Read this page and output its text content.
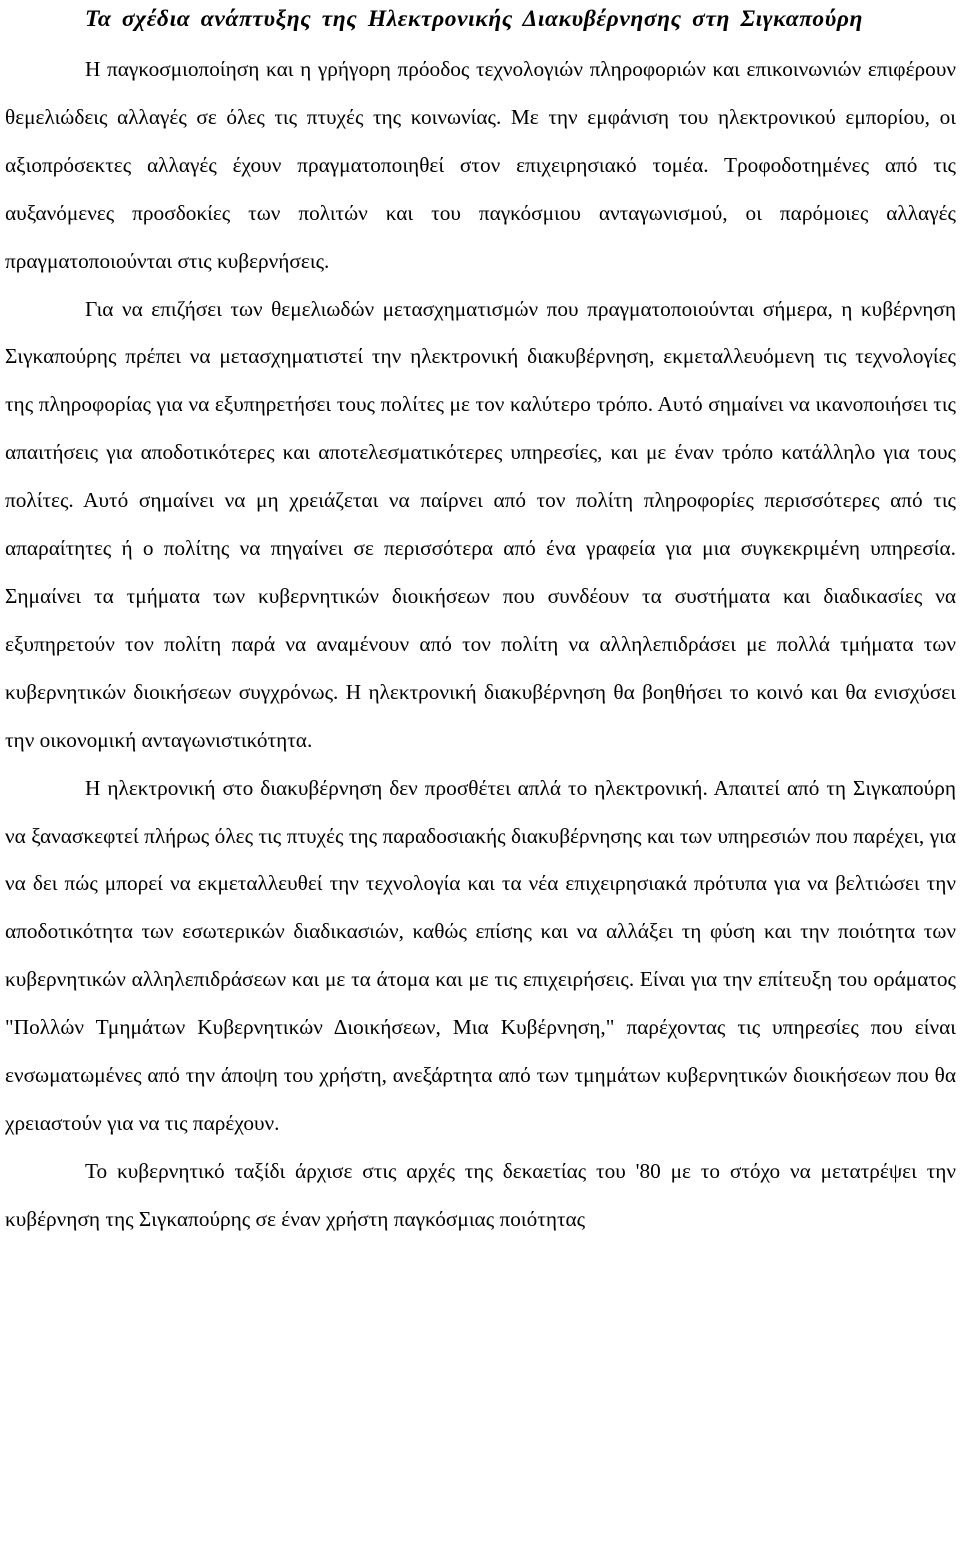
Τα σχέδια ανάπτυξης της Ηλεκτρονικής Διακυβέρνησης στη Σιγκαπούρη

Η παγκοσμιοποίηση και η γρήγορη πρόοδος τεχνολογιών πληροφοριών και επικοινωνιών επιφέρουν θεμελιώδεις αλλαγές σε όλες τις πτυχές της κοινωνίας. Με την εμφάνιση του ηλεκτρονικού εμπορίου, οι αξιοπρόσεκτες αλλαγές έχουν πραγματοποιηθεί στον επιχειρησιακό τομέα. Τροφοδοτημένες από τις αυξανόμενες προσδοκίες των πολιτών και του παγκόσμιου ανταγωνισμού, οι παρόμοιες αλλαγές πραγματοποιούνται στις κυβερνήσεις.

Για να επιζήσει των θεμελιωδών μετασχηματισμών που πραγματοποιούνται σήμερα, η κυβέρνηση Σιγκαπούρης πρέπει να μετασχηματιστεί την ηλεκτρονική διακυβέρνηση, εκμεταλλευόμενη τις τεχνολογίες της πληροφορίας για να εξυπηρετήσει τους πολίτες με τον καλύτερο τρόπο. Αυτό σημαίνει να ικανοποιήσει τις απαιτήσεις για αποδοτικότερες και αποτελεσματικότερες υπηρεσίες, και με έναν τρόπο κατάλληλο για τους πολίτες. Αυτό σημαίνει να μη χρειάζεται να παίρνει από τον πολίτη πληροφορίες περισσότερες από τις απαραίτητες ή ο πολίτης να πηγαίνει σε περισσότερα από ένα γραφεία για μια συγκεκριμένη υπηρεσία. Σημαίνει τα τμήματα των κυβερνητικών διοικήσεων που συνδέουν τα συστήματα και διαδικασίες να εξυπηρετούν τον πολίτη παρά να αναμένουν από τον πολίτη να αλληλεπιδράσει με πολλά τμήματα των κυβερνητικών διοικήσεων συγχρόνως. Η ηλεκτρονική διακυβέρνηση θα βοηθήσει το κοινό και θα ενισχύσει την οικονομική ανταγωνιστικότητα.

Η ηλεκτρονική στο διακυβέρνηση δεν προσθέτει απλά το ηλεκτρονική. Απαιτεί από τη Σιγκαπούρη να ξανασκεφτεί πλήρως όλες τις πτυχές της παραδοσιακής διακυβέρνησης και των υπηρεσιών που παρέχει, για να δει πώς μπορεί να εκμεταλλευθεί την τεχνολογία και τα νέα επιχειρησιακά πρότυπα για να βελτιώσει την αποδοτικότητα των εσωτερικών διαδικασιών, καθώς επίσης και να αλλάξει τη φύση και την ποιότητα των κυβερνητικών αλληλεπιδράσεων και με τα άτομα και με τις επιχειρήσεις. Είναι για την επίτευξη του οράματος "Πολλών Τμημάτων Κυβερνητικών Διοικήσεων, Μια Κυβέρνηση," παρέχοντας τις υπηρεσίες που είναι ενσωματωμένες από την άποψη του χρήστη, ανεξάρτητα από των τμημάτων κυβερνητικών διοικήσεων που θα χρειαστούν για να τις παρέχουν.

Το κυβερνητικό ταξίδι άρχισε στις αρχές της δεκαετίας του '80 με το στόχο να μετατρέψει την κυβέρνηση της Σιγκαπούρης σε έναν χρήστη παγκόσμιας ποιότητας
